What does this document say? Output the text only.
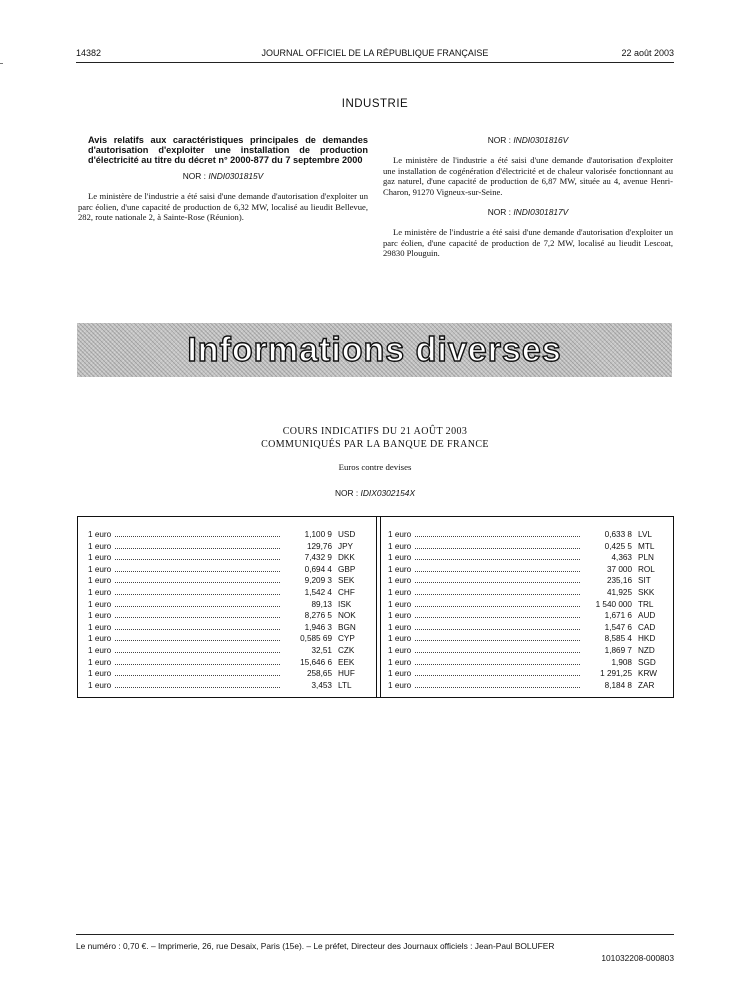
14382	JOURNAL OFFICIEL DE LA RÉPUBLIQUE FRANÇAISE	22 août 2003
INDUSTRIE
Avis relatifs aux caractéristiques principales de demandes d'autorisation d'exploiter une installation de production d'électricité au titre du décret n° 2000-877 du 7 septembre 2000
NOR : INDI0301815V

Le ministère de l'industrie a été saisi d'une demande d'autorisation d'exploiter un parc éolien, d'une capacité de production de 6,32 MW, localisé au lieudit Bellevue, 282, route nationale 2, à Sainte-Rose (Réunion).

NOR : INDI0301816V

Le ministère de l'industrie a été saisi d'une demande d'autorisation d'exploiter une installation de cogénération d'électricité et de chaleur valorisée fonctionnant au gaz naturel, d'une capacité de production de 6,87 MW, située au 4, avenue Henri-Charon, 91270 Vigneux-sur-Seine.

NOR : INDI0301817V

Le ministère de l'industrie a été saisi d'une demande d'autorisation d'exploiter un parc éolien, d'une capacité de production de 7,2 MW, localisé au lieudit Lescoat, 29830 Plouguin.

Informations diverses
COURS INDICATIFS DU 21 AOÛT 2003
COMMUNIQUÉS PAR LA BANQUE DE FRANCE
Euros contre devises
NOR : IDIX0302154X
1 euro	1,100 9 USD
1 euro	129,76 JPY
1 euro	7,432 9 DKK
1 euro	0,694 4 GBP
1 euro	9,209 3 SEK
1 euro	1,542 4 CHF
1 euro	89,13 ISK
1 euro	8,276 5 NOK
1 euro	1,946 3 BGN
1 euro	0,585 69 CYP
1 euro	32,51 CZK
1 euro	15,646 6 EEK
1 euro	258,65 HUF
1 euro	3,453 LTL
1 euro	0,633 8 LVL
1 euro	0,425 5 MTL
1 euro	4,363 PLN
1 euro	37 000 ROL
1 euro	235,16 SIT
1 euro	41,925 SKK
1 euro	1 540 000 TRL
1 euro	1,671 6 AUD
1 euro	1,547 6 CAD
1 euro	8,585 4 HKD
1 euro	1,869 7 NZD
1 euro	1,908 SGD
1 euro	1 291,25 KRW
1 euro	8,184 8 ZAR
Le numéro : 0,70 €. – Imprimerie, 26, rue Desaix, Paris (15e). – Le préfet, Directeur des Journaux officiels : Jean-Paul BOLUFER
101032208-000803
